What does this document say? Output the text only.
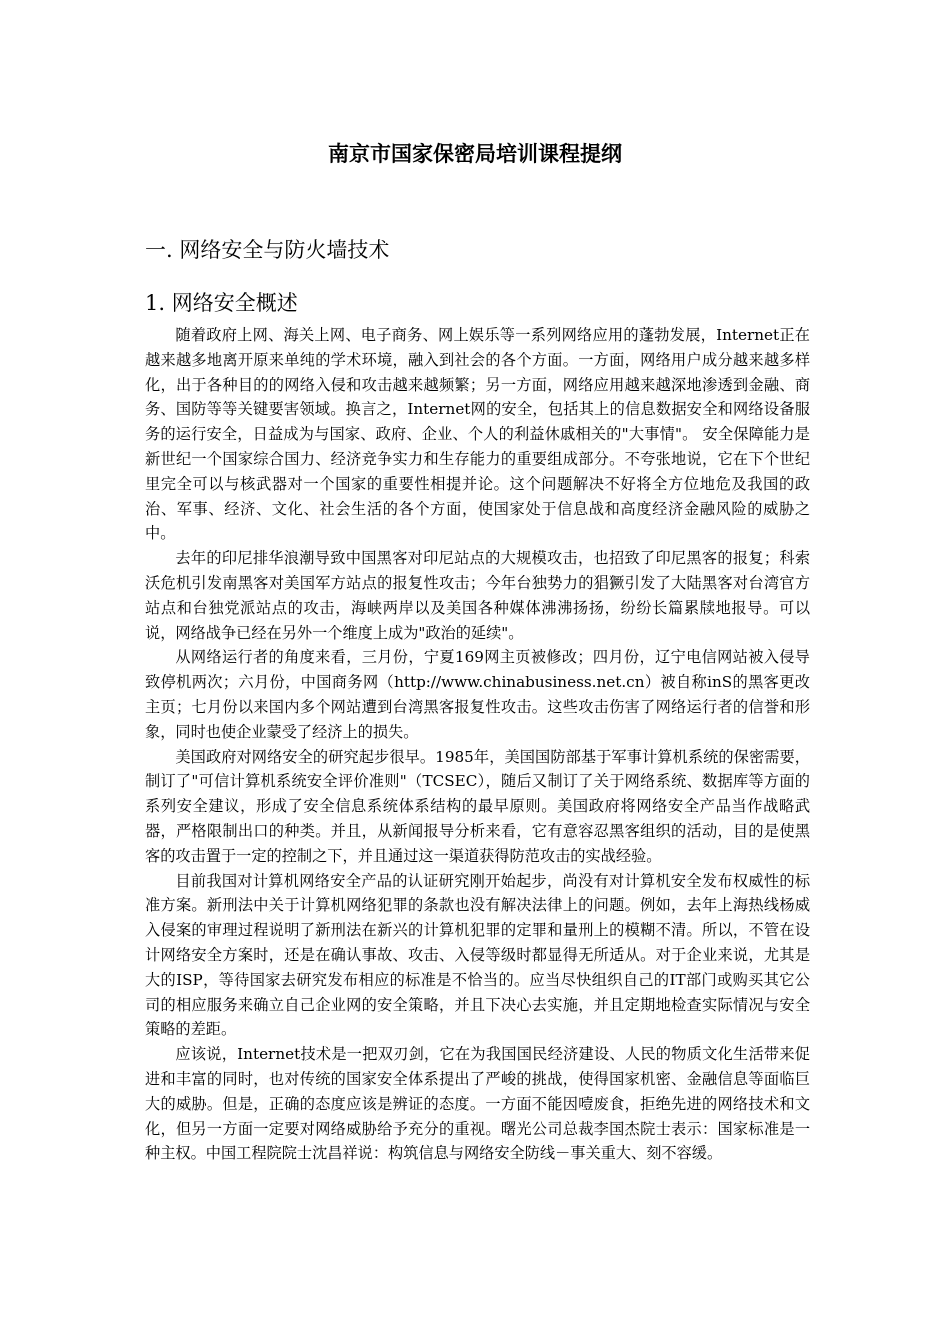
南京市国家保密局培训课程提纲
一. 网络安全与防火墙技术
1. 网络安全概述

随着政府上网、海关上网、电子商务、网上娱乐等一系列网络应用的蓬勃发展，Internet正在越来越多地离开原来单纯的学术环境，融入到社会的各个方面。一方面，网络用户成分越来越多样化，出于各种目的的网络入侵和攻击越来越频繁；另一方面，网络应用越来越深地渗透到金融、商务、国防等等关键要害领域。换言之，Internet网的安全，包括其上的信息数据安全和网络设备服务的运行安全，日益成为与国家、政府、企业、个人的利益休戚相关的"大事情"。 安全保障能力是新世纪一个国家综合国力、经济竞争实力和生存能力的重要组成部分。不夸张地说，它在下个世纪里完全可以与核武器对一个国家的重要性相提并论。这个问题解决不好将全方位地危及我国的政治、军事、经济、文化、社会生活的各个方面，使国家处于信息战和高度经济金融风险的威胁之中。

去年的印尼排华浪潮导致中国黑客对印尼站点的大规模攻击，也招致了印尼黑客的报复；科索沃危机引发南黑客对美国军方站点的报复性攻击；今年台独势力的猖獗引发了大陆黑客对台湾官方站点和台独党派站点的攻击，海峡两岸以及美国各种媒体沸沸扬扬，纷纷长篇累牍地报导。可以说，网络战争已经在另外一个维度上成为"政治的延续"。

从网络运行者的角度来看，三月份，宁夏169网主页被修改；四月份，辽宁电信网站被入侵导致停机两次；六月份，中国商务网（http://www.chinabusiness.net.cn）被自称inS的黑客更改主页；七月份以来国内多个网站遭到台湾黑客报复性攻击。这些攻击伤害了网络运行者的信誉和形象，同时也使企业蒙受了经济上的损失。

美国政府对网络安全的研究起步很早。1985年，美国国防部基于军事计算机系统的保密需要，制订了"可信计算机系统安全评价准则"（TCSEC），随后又制订了关于网络系统、数据库等方面的系列安全建议，形成了安全信息系统体系结构的最早原则。美国政府将网络安全产品当作战略武器，严格限制出口的种类。并且，从新闻报导分析来看，它有意容忍黑客组织的活动，目的是使黑客的攻击置于一定的控制之下，并且通过这一渠道获得防范攻击的实战经验。

目前我国对计算机网络安全产品的认证研究刚开始起步，尚没有对计算机安全发布权威性的标准方案。新刑法中关于计算机网络犯罪的条款也没有解决法律上的问题。例如，去年上海热线杨威入侵案的审理过程说明了新刑法在新兴的计算机犯罪的定罪和量刑上的模糊不清。所以，不管在设计网络安全方案时，还是在确认事故、攻击、入侵等级时都显得无所适从。对于企业来说，尤其是大的ISP，等待国家去研究发布相应的标准是不恰当的。应当尽快组织自己的IT部门或购买其它公司的相应服务来确立自己企业网的安全策略，并且下决心去实施，并且定期地检查实际情况与安全策略的差距。

应该说，Internet技术是一把双刃剑，它在为我国国民经济建设、人民的物质文化生活带来促进和丰富的同时，也对传统的国家安全体系提出了严峻的挑战，使得国家机密、金融信息等面临巨大的威胁。但是，正确的态度应该是辨证的态度。一方面不能因噎废食，拒绝先进的网络技术和文化，但另一方面一定要对网络威胁给予充分的重视。曙光公司总裁李国杰院士表示：国家标准是一种主权。中国工程院院士沈昌祥说：构筑信息与网络安全防线－事关重大、刻不容缓。
